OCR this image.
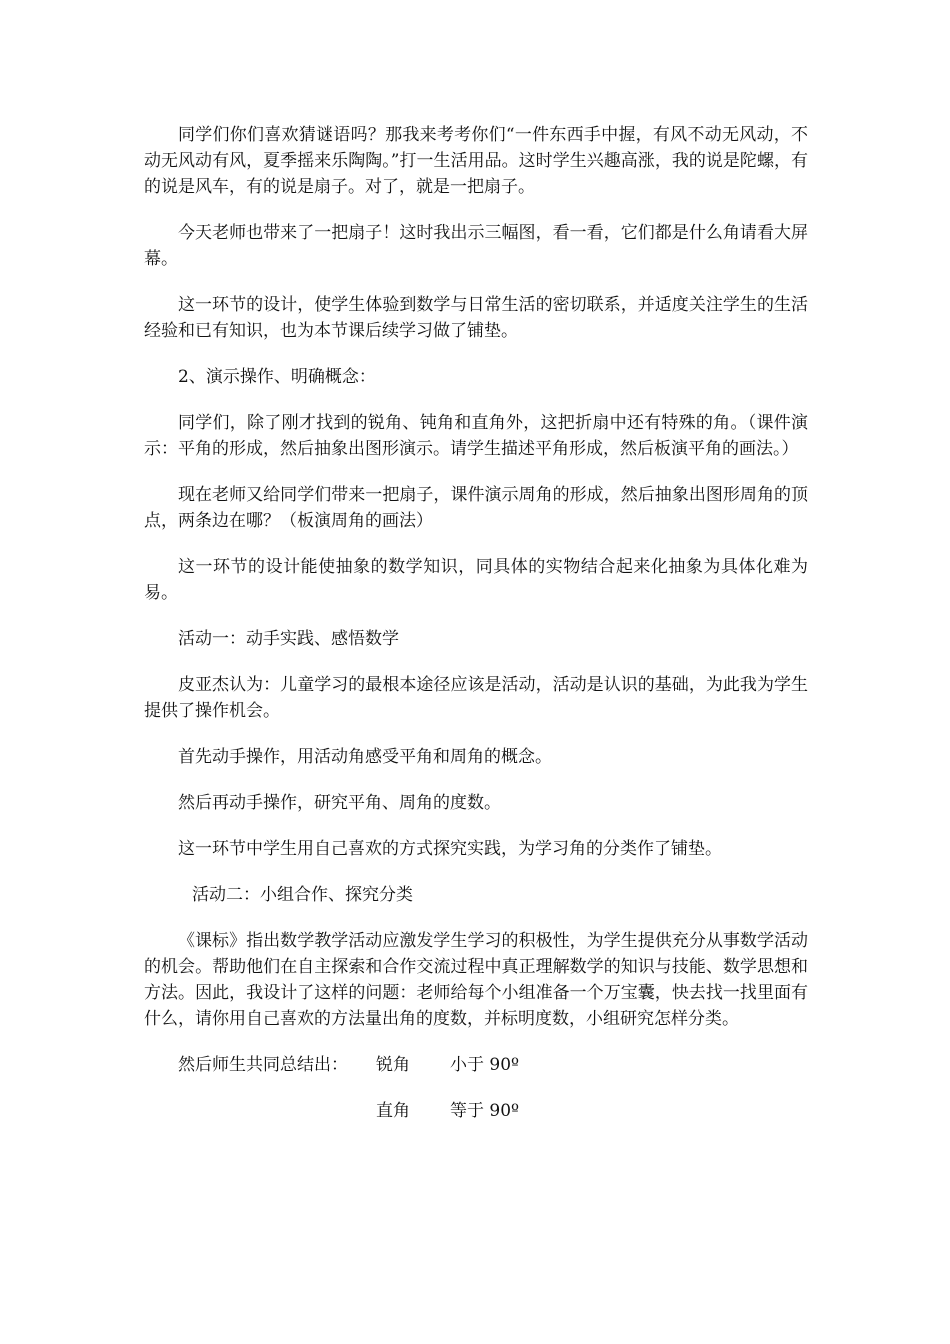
同学们你们喜欢猜谜语吗？那我来考考你们“一件东西手中握，有风不动无风动，不动无风动有风，夏季摇来乐陶陶。”打一生活用品。这时学生兴趣高涨，我的说是陀螺，有的说是风车，有的说是扇子。对了，就是一把扇子。

今天老师也带来了一把扇子！这时我出示三幅图，看一看，它们都是什么角请看大屏幕。

这一环节的设计，使学生体验到数学与日常生活的密切联系，并适度关注学生的生活经验和已有知识，也为本节课后续学习做了铺垫。

2、演示操作、明确概念：

同学们，除了刚才找到的锐角、钝角和直角外，这把折扇中还有特殊的角。（课件演示：平角的形成，然后抽象出图形演示。请学生描述平角形成，然后板演平角的画法。）

现在老师又给同学们带来一把扇子，课件演示周角的形成，然后抽象出图形周角的顶点，两条边在哪？（板演周角的画法）

这一环节的设计能使抽象的数学知识，同具体的实物结合起来化抽象为具体化难为易。

活动一：动手实践、感悟数学

皮亚杰认为：儿童学习的最根本途径应该是活动，活动是认识的基础，为此我为学生提供了操作机会。

首先动手操作，用活动角感受平角和周角的概念。

然后再动手操作，研究平角、周角的度数。

这一环节中学生用自己喜欢的方式探究实践，为学习角的分类作了铺垫。

活动二：小组合作、探究分类

《课标》指出数学教学活动应激发学生学习的积极性，为学生提供充分从事数学活动的机会。帮助他们在自主探索和合作交流过程中真正理解数学的知识与技能、数学思想和方法。因此，我设计了这样的问题：老师给每个小组准备一个万宝囊，快去找一找里面有什么，请你用自己喜欢的方法量出角的度数，并标明度数，小组研究怎样分类。

然后师生共同总结出： 锐角 小于 90º
直角 等于 90º
